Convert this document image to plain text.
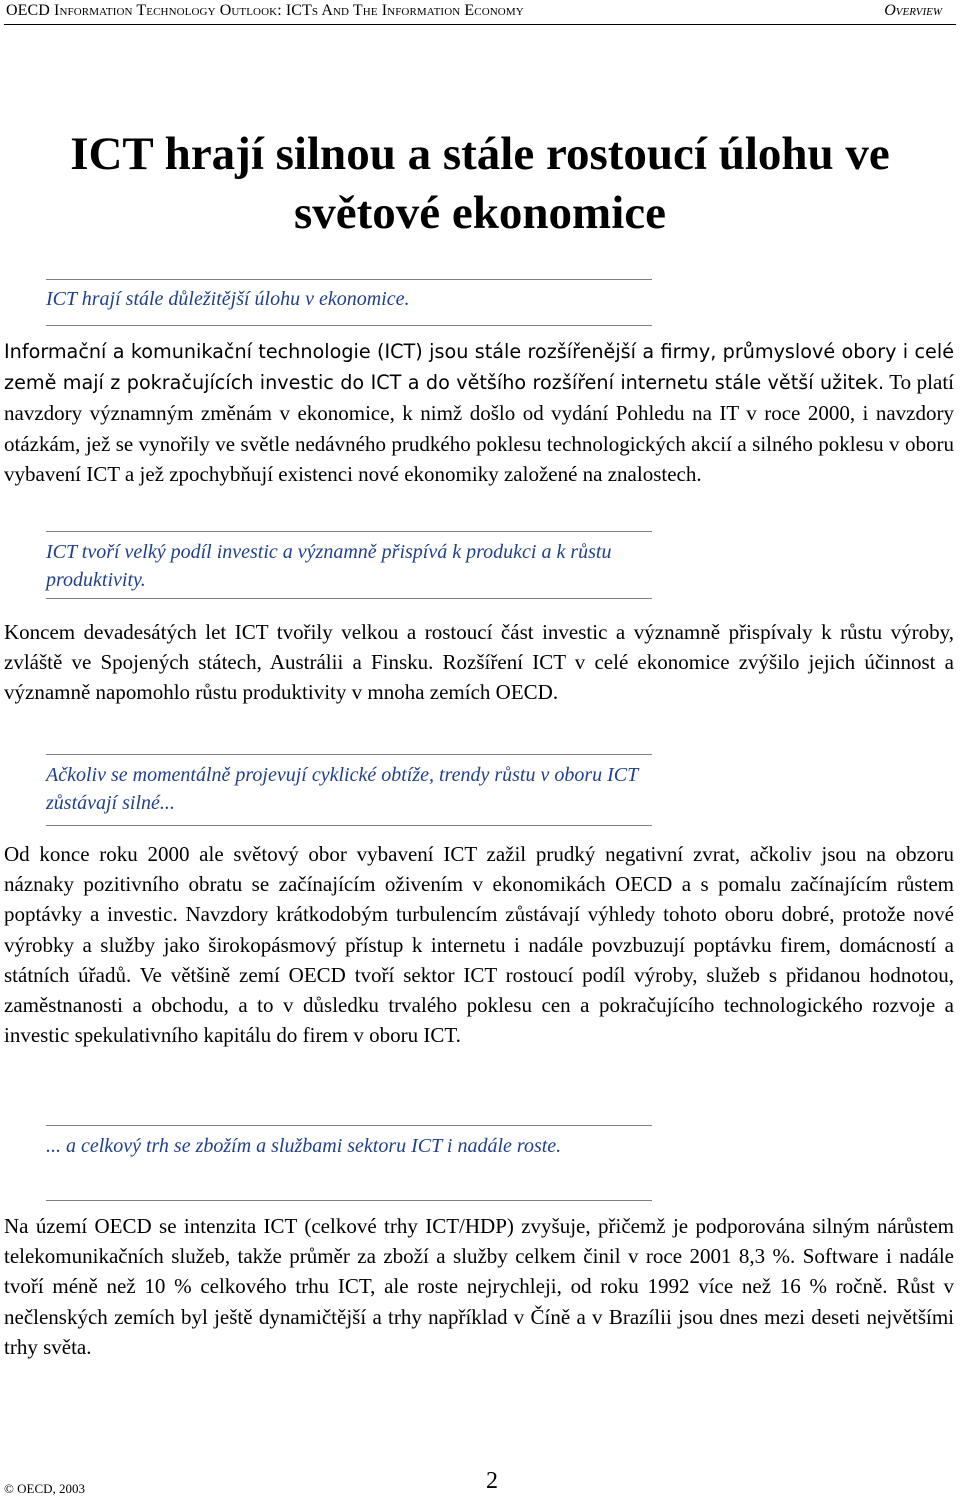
OECD Information Technology Outlook: ICTs And The Information Economy	Overview
ICT hrají silnou a stále rostoucí úlohu ve světové ekonomice
ICT hrají stále důležitější úlohu v ekonomice.
Informační a komunikační technologie (ICT) jsou stále rozšířenější a firmy, průmyslové obory i celé země mají z pokračujících investic do ICT a do většího rozšíření internetu stále větší užitek. To platí navzdory významným změnám v ekonomice, k nimž došlo od vydání Pohledu na IT v roce 2000, i navzdory otázkám, jež se vynořily ve světle nedávného prudkého poklesu technologických akcií a silného poklesu v oboru vybavení ICT a jež zpochybňují existenci nové ekonomiky založené na znalostech.
ICT tvoří velký podíl investic a významně přispívá k produkci a k růstu produktivity.
Koncem devadesátých let ICT tvořily velkou a rostoucí část investic a významně přispívaly k růstu výroby, zvláště ve Spojených státech, Austrálii a Finsku. Rozšíření ICT v celé ekonomice zvýšilo jejich účinnost a významně napomohlo růstu produktivity v mnoha zemích OECD.
Ačkoliv se momentálně projevují cyklické obtíže, trendy růstu v oboru ICT zůstávají silné...
Od konce roku 2000 ale světový obor vybavení ICT zažil prudký negativní zvrat, ačkoliv jsou na obzoru náznaky pozitivního obratu se začínajícím oživením v ekonomikách OECD a s pomalu začínajícím růstem poptávky a investic. Navzdory krátkodobým turbulencím zůstávají výhledy tohoto oboru dobré, protože nové výrobky a služby jako širokopásmový přístup k internetu i nadále povzbuzují poptávku firem, domácností a státních úřadů. Ve většině zemí OECD tvoří sektor ICT rostoucí podíl výroby, služeb s přidanou hodnotou, zaměstnanosti a obchodu, a to v důsledku trvalého poklesu cen a pokračujícího technologického rozvoje a investic spekulativního kapitálu do firem v oboru ICT.
... a celkový trh se zbožím a službami sektoru ICT i nadále roste.
Na území OECD se intenzita ICT (celkové trhy ICT/HDP) zvyšuje, přičemž je podporována silným nárůstem telekomunikačních služeb, takže průměr za zboží a služby celkem činil v roce 2001 8,3 %. Software i nadále tvoří méně než 10 % celkového trhu ICT, ale roste nejrychleji, od roku 1992 více než 16 % ročně. Růst v nečlenských zemích byl ještě dynamičtější a trhy například v Číně a v Brazílii jsou dnes mezi deseti největšími trhy světa.
© OECD, 2003	2
